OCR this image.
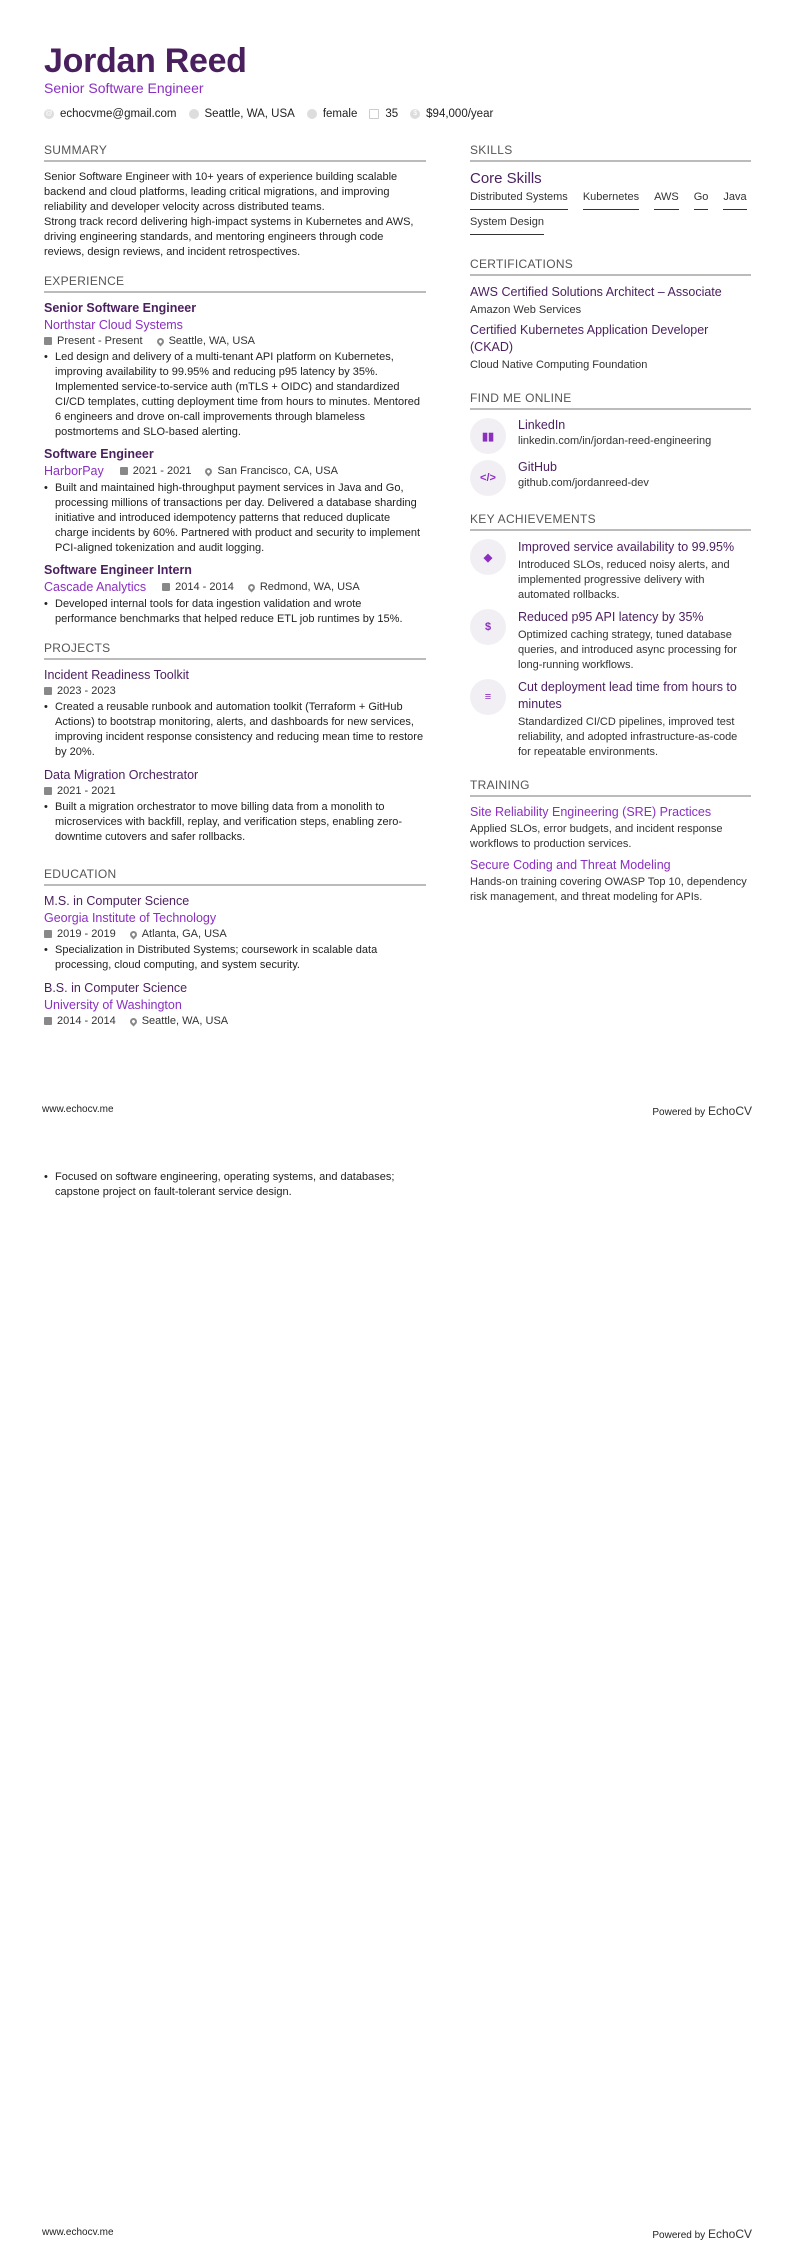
Jordan Reed
Senior Software Engineer
@ echocvme@gmail.com Seattle, WA, USA female 35	$ $94,000/year
SUMMARY

Senior Software Engineer with 10+ years of experience building scalable backend and cloud platforms, leading critical migrations, and improving reliability and developer velocity across distributed teams.

Strong track record delivering high-impact systems in Kubernetes and AWS, driving engineering standards, and mentoring engineers through code reviews, design reviews, and incident retrospectives.

EXPERIENCE
Senior Software Engineer
Northstar Cloud Systems
Present - Present Seattle, WA, USA
• Led design and delivery of a multi-tenant API platform on Kubernetes, improving availability to 99.95% and reducing p95 latency by 35%. Implemented service-to-service auth (mTLS + OIDC) and standardized CI/CD templates, cutting deployment time from hours to minutes. Mentored 6 engineers and drove on-call improvements through blameless postmortems and SLO-based alerting.
Software Engineer
HarborPay	2021 - 2021 San Francisco, CA, USA
• Built and maintained high-throughput payment services in Java and Go, processing millions of transactions per day. Delivered a database sharding initiative and introduced idempotency patterns that reduced duplicate charge incidents by 60%. Partnered with product and security to implement PCI-aligned tokenization and audit logging.
Software Engineer Intern
Cascade Analytics	2014 - 2014 Redmond, WA, USA
• Developed internal tools for data ingestion validation and wrote performance benchmarks that helped reduce ETL job runtimes by 15%.
PROJECTS
Incident Readiness Toolkit
2023 - 2023
• Created a reusable runbook and automation toolkit (Terraform + GitHub Actions) to bootstrap monitoring, alerts, and dashboards for new services, improving incident response consistency and reducing mean time to restore by 20%.
Data Migration Orchestrator
2021 - 2021
• Built a migration orchestrator to move billing data from a monolith to microservices with backfill, replay, and verification steps, enabling zero-downtime cutovers and safer rollbacks.
EDUCATION
M.S. in Computer Science
Georgia Institute of Technology
2019 - 2019 Atlanta, GA, USA
• Specialization in Distributed Systems; coursework in scalable data processing, cloud computing, and system security.
B.S. in Computer Science
University of Washington
2014 - 2014 Seattle, WA, USA
SKILLS
Core Skills
Distributed Systems Kubernetes AWS Go Java
System Design
CERTIFICATIONS
AWS Certified Solutions Architect – Associate
Amazon Web Services
Certified Kubernetes Application Developer (CKAD)
Cloud Native Computing Foundation
FIND ME ONLINE
▮▮
LinkedIn
linkedin.com/in/jordan-reed-engineering
</>
GitHub
github.com/jordanreed-dev
KEY ACHIEVEMENTS
◆
Improved service availability to 99.95%
Introduced SLOs, reduced noisy alerts, and implemented progressive delivery with automated rollbacks.
$
Reduced p95 API latency by 35%
Optimized caching strategy, tuned database queries, and introduced async processing for long-running workflows.
≡
Cut deployment lead time from hours to minutes
Standardized CI/CD pipelines, improved test reliability, and adopted infrastructure-as-code for repeatable environments.
TRAINING
Site Reliability Engineering (SRE) Practices
Applied SLOs, error budgets, and incident response workflows to production services.
Secure Coding and Threat Modeling
Hands-on training covering OWASP Top 10, dependency risk management, and threat modeling for APIs.
www.echocv.me	Powered by EchoCV
• Focused on software engineering, operating systems, and databases; capstone project on fault-tolerant service design.
www.echocv.me	Powered by EchoCV
